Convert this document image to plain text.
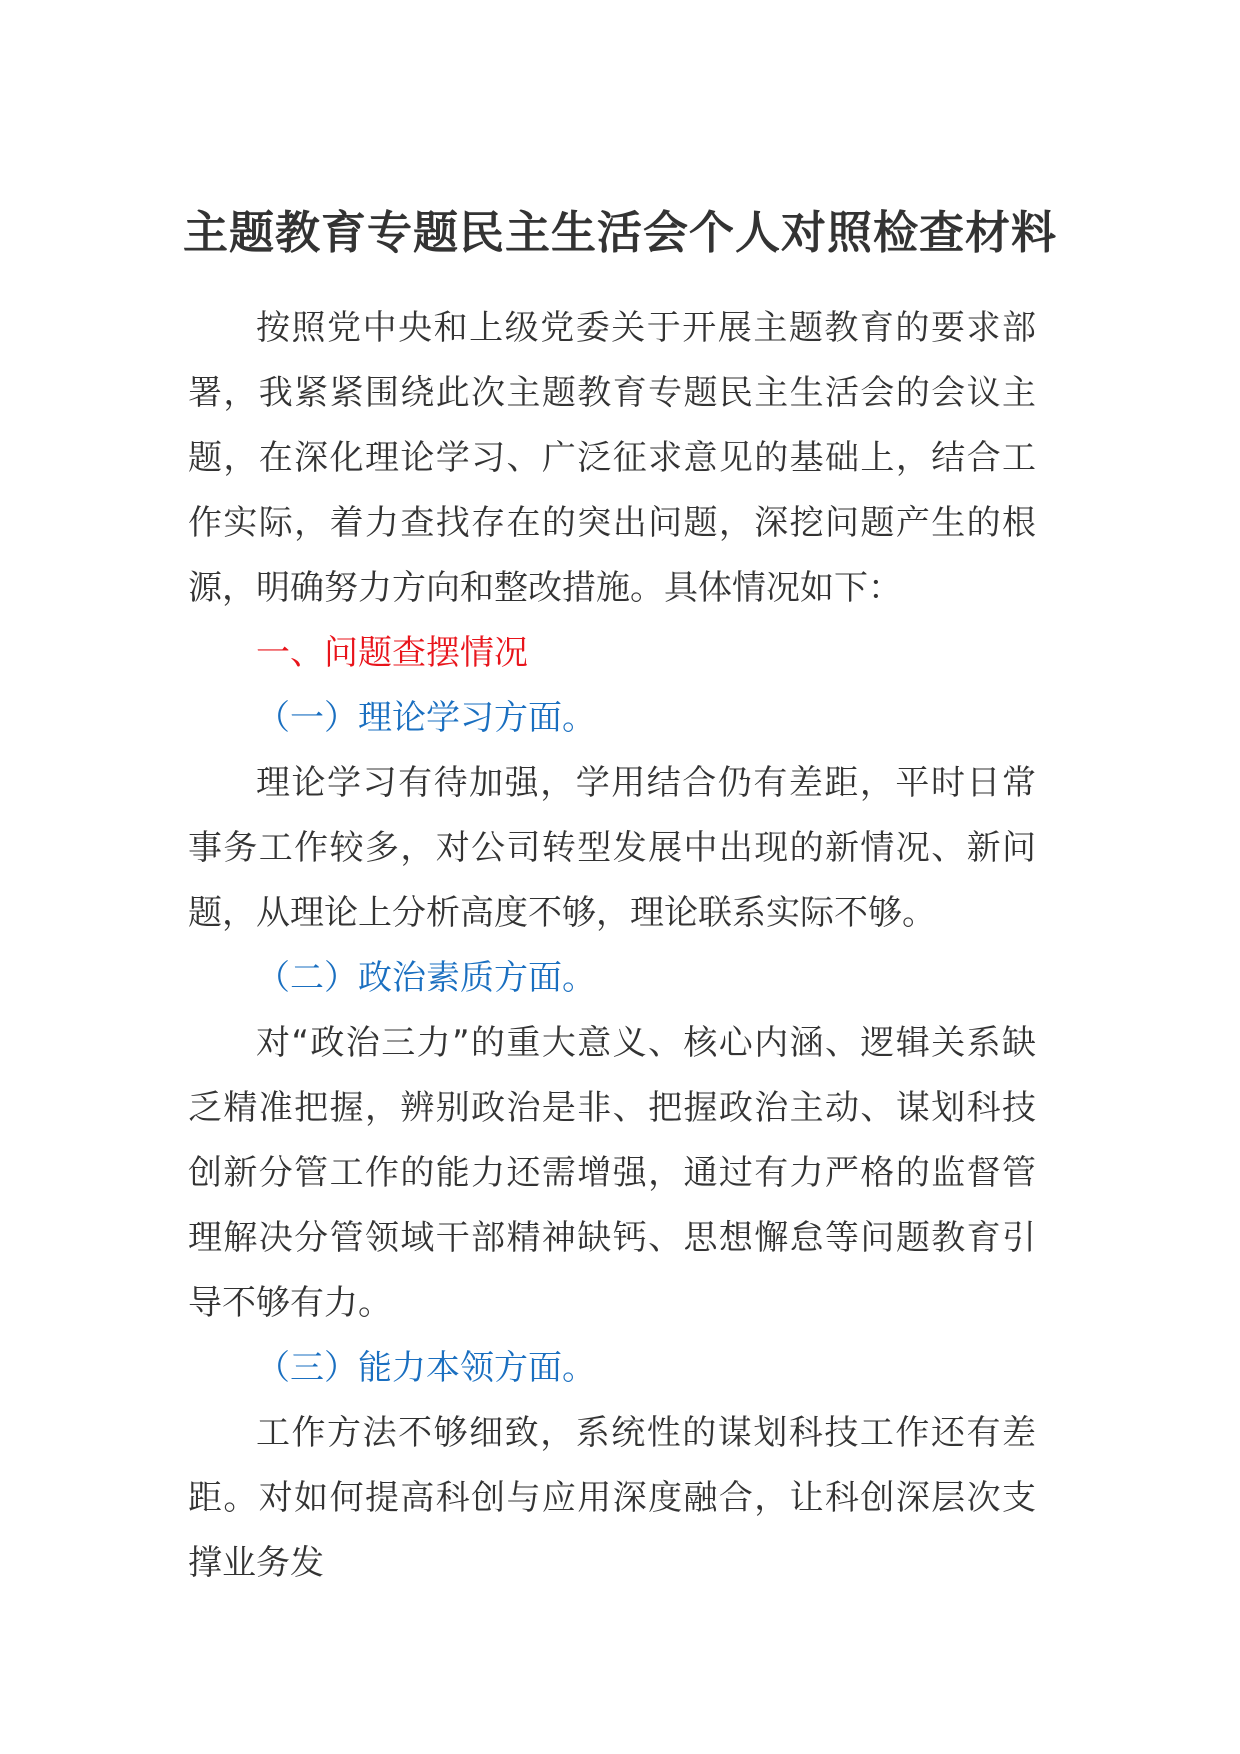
主题教育专题民主生活会个人对照检查材料

按照党中央和上级党委关于开展主题教育的要求部署，我紧紧围绕此次主题教育专题民主生活会的会议主题，在深化理论学习、广泛征求意见的基础上，结合工作实际，着力查找存在的突出问题，深挖问题产生的根源，明确努力方向和整改措施。具体情况如下：

一、问题查摆情况

（一）理论学习方面。

理论学习有待加强，学用结合仍有差距，平时日常事务工作较多，对公司转型发展中出现的新情况、新问题，从理论上分析高度不够，理论联系实际不够。

（二）政治素质方面。

对“政治三力”的重大意义、核心内涵、逻辑关系缺乏精准把握，辨别政治是非、把握政治主动、谋划科技创新分管工作的能力还需增强，通过有力严格的监督管理解决分管领域干部精神缺钙、思想懈怠等问题教育引导不够有力。

（三）能力本领方面。

工作方法不够细致，系统性的谋划科技工作还有差距。对如何提高科创与应用深度融合，让科创深层次支撑业务发
